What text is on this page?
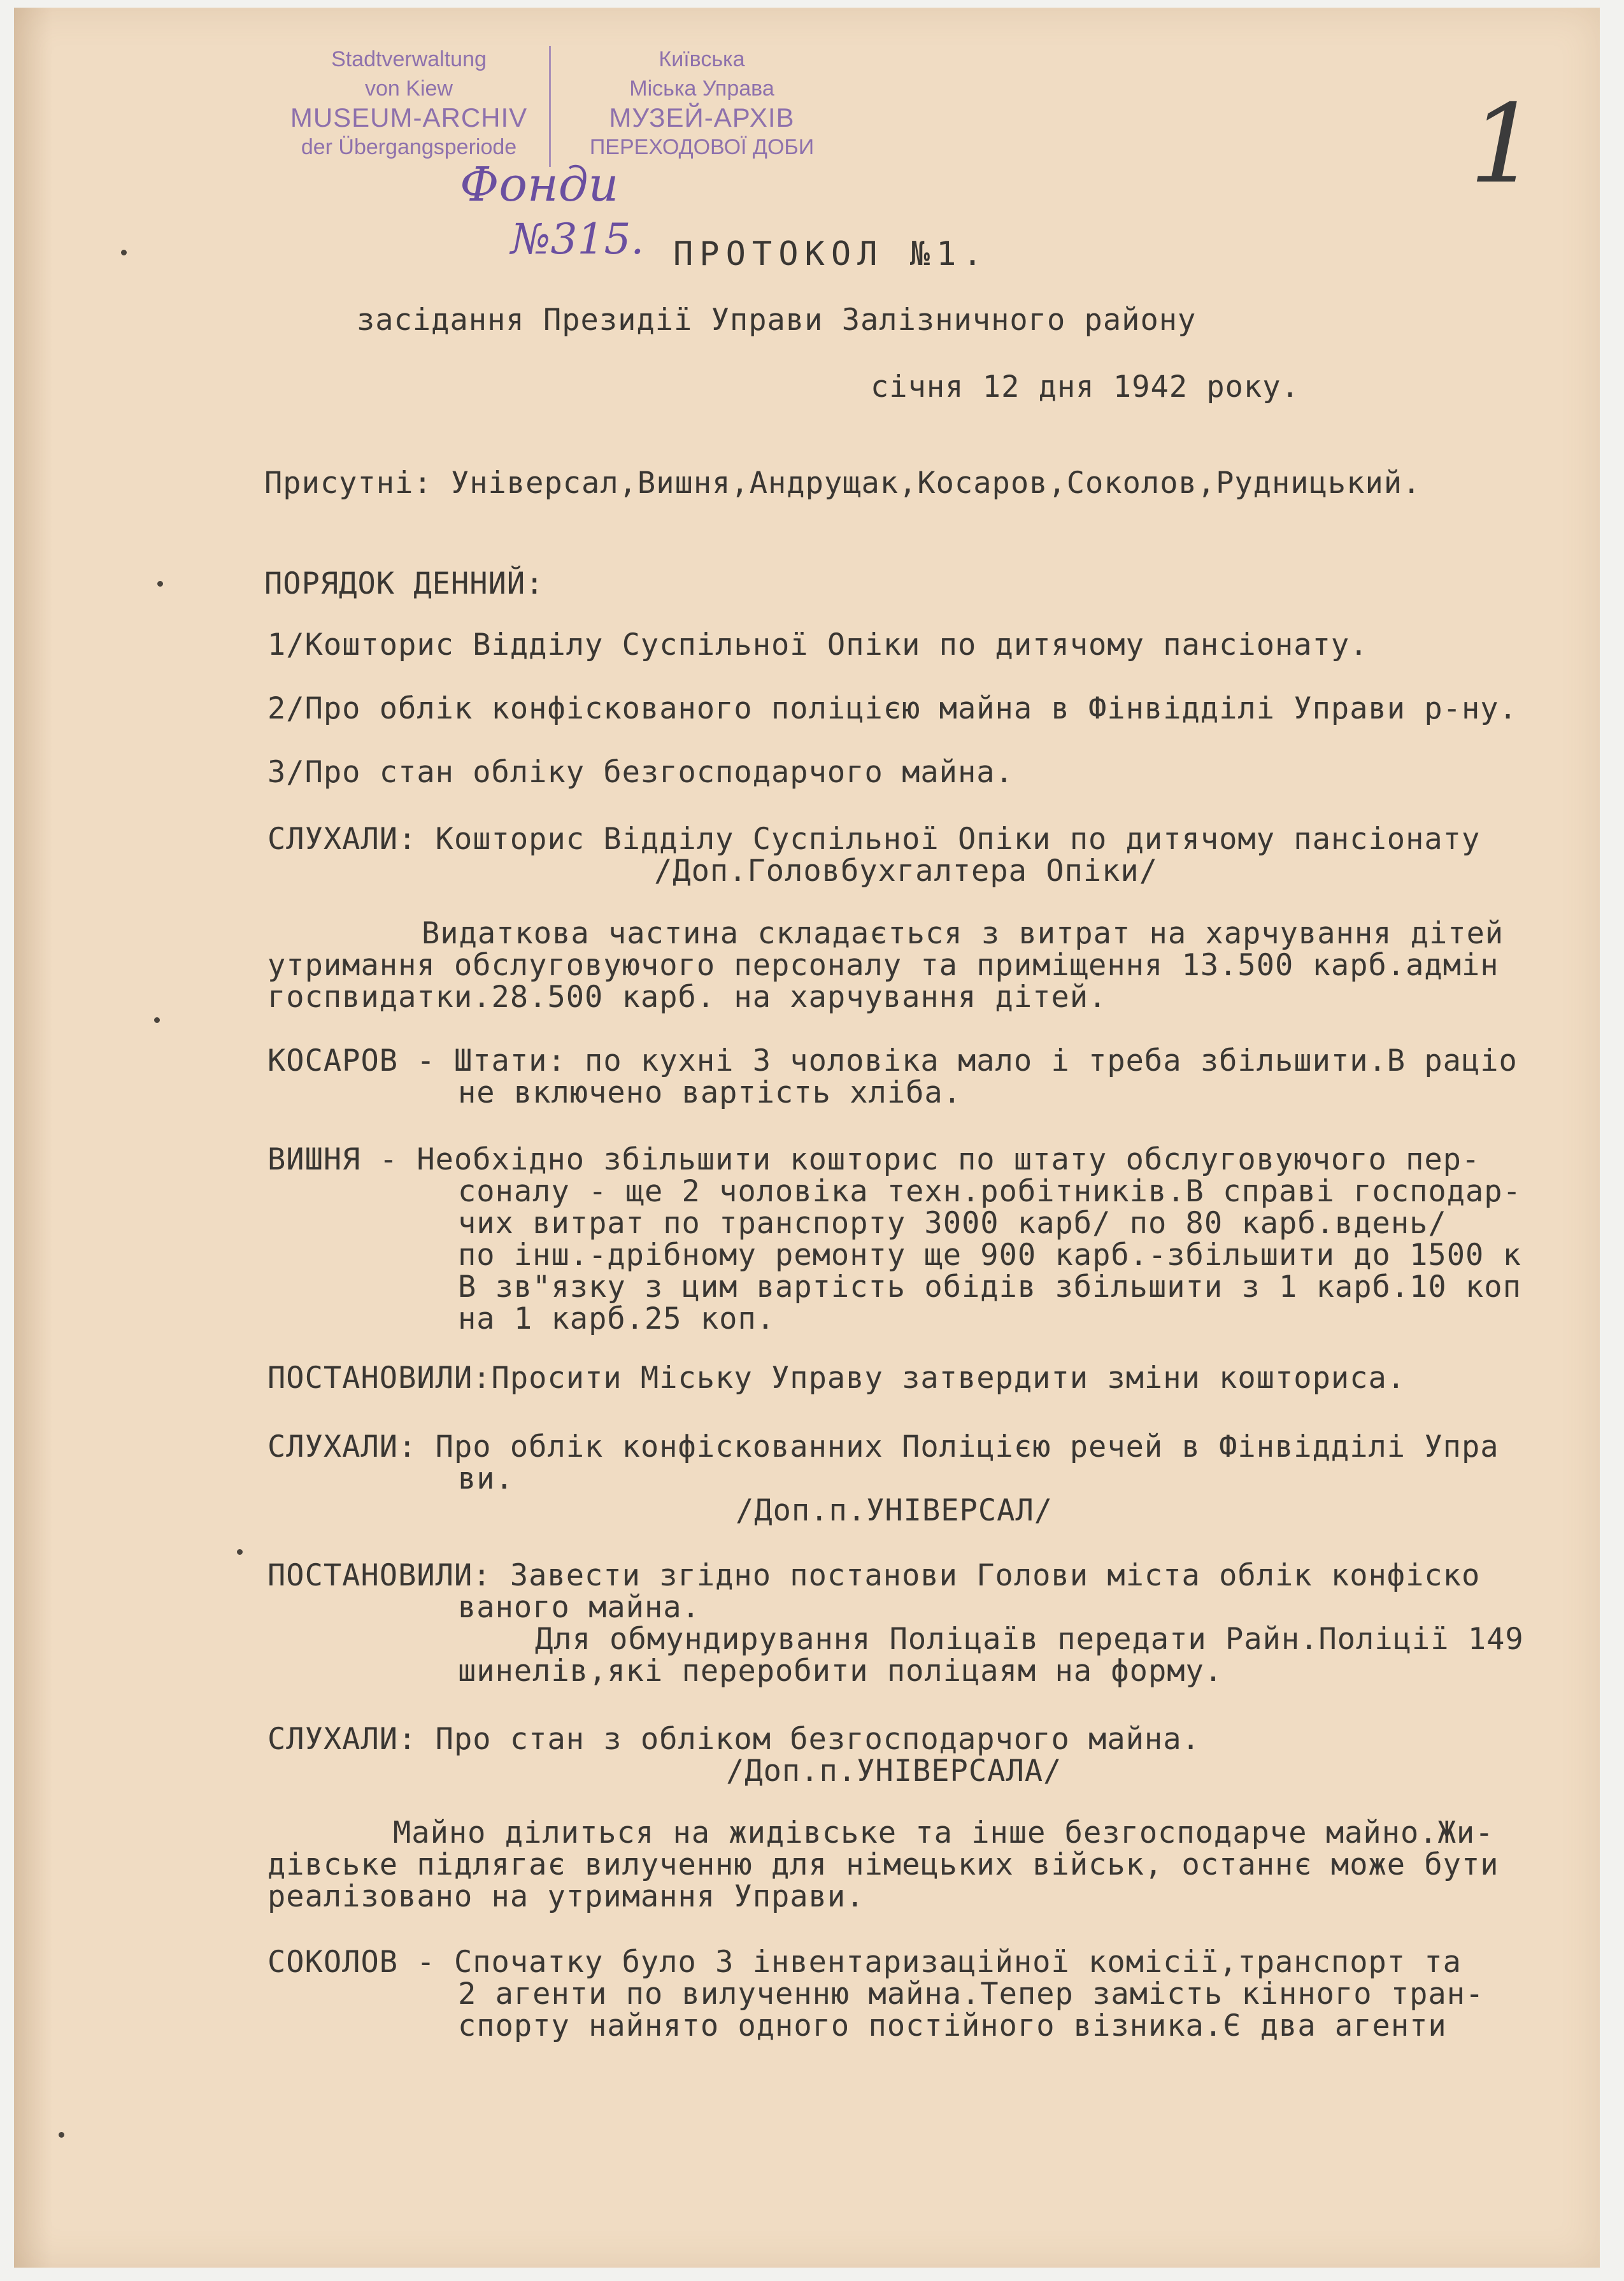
Stadtverwaltung
von Kiew
MUSEUM-ARCHIV
der Übergangsperiode
Київська
Міська Управа
МУЗЕЙ-АРХІВ
ПЕРЕХОДОВОЇ ДОБИ
Фонди
№315.
1
ПРОТОКОЛ №1.
засідання Президії Управи Залізничного району
січня 12 дня 1942 року.
Присутні: Універсал,Вишня,Андрущак,Косаров,Соколов,Рудницький.
ПОРЯДОК ДЕННИЙ:
1/Кошторис Відділу Суспільної Опіки по дитячому пансіонату.
2/Про облік конфіскованого поліцією майна в Фінвідділі Управи р-ну.
3/Про стан обліку безгосподарчого майна.
СЛУХАЛИ: Кошторис Відділу Суспільної Опіки по дитячому пансіонату
/Доп.Головбухгалтера Опіки/
Видаткова частина складається з витрат на харчування дітей
утримання обслуговуючого персоналу та приміщення 13.500 карб.адмін
госпвидатки.28.500 карб. на харчування дітей.
КОСАРОВ - Штати: по кухні 3 чоловіка мало і треба збільшити.В раціо
не включено вартість хліба.
ВИШНЯ - Необхідно збільшити кошторис по штату обслуговуючого пер-
соналу - ще 2 чоловіка техн.робітників.В справі господар-
чих витрат по транспорту 3000 карб/ по 80 карб.вдень/
по інш.-дрібному ремонту ще 900 карб.-збільшити до 1500 к
В зв"язку з цим вартість обідів збільшити з 1 карб.10 коп
на 1 карб.25 коп.
ПОСТАНОВИЛИ:Просити Міську Управу затвердити зміни кошториса.
СЛУХАЛИ: Про облік конфіскованних Поліцією речей в Фінвідділі Упра
ви.
/Доп.п.УНІВЕРСАЛ/
ПОСТАНОВИЛИ: Завести згідно постанови Голови міста облік конфіско
ваного майна.
Для обмундирування Поліцаїв передати Райн.Поліції 149
шинелів,які переробити поліцаям на форму.
СЛУХАЛИ: Про стан з обліком безгосподарчого майна.
/Доп.п.УНІВЕРСАЛА/
Майно ділиться на жидівське та інше безгосподарче майно.Жи-
дівське підлягає вилученню для німецьких військ, останнє може бути
реалізовано на утримання Управи.
СОКОЛОВ - Спочатку було 3 інвентаризаційної комісії,транспорт та
2 агенти по вилученню майна.Тепер замість кінного тран-
спорту найнято одного постійного візника.Є два агенти
